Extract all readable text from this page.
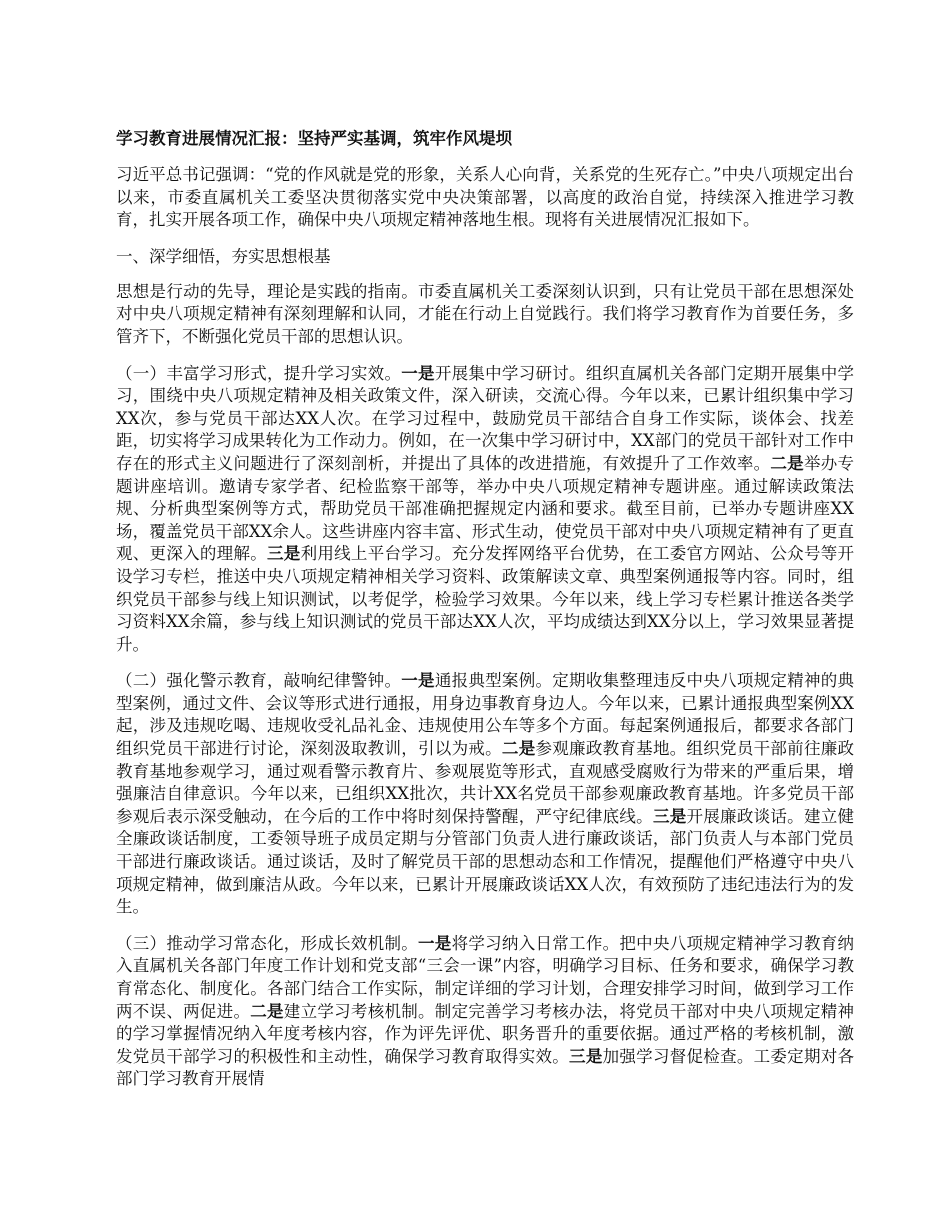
学习教育进展情况汇报：坚持严实基调，筑牢作风堤坝

习近平总书记强调：“党的作风就是党的形象，关系人心向背，关系党的生死存亡。”中央八项规定出台以来，市委直属机关工委坚决贯彻落实党中央决策部署，以高度的政治自觉，持续深入推进学习教育，扎实开展各项工作，确保中央八项规定精神落地生根。现将有关进展情况汇报如下。

一、深学细悟，夯实思想根基

思想是行动的先导，理论是实践的指南。市委直属机关工委深刻认识到，只有让党员干部在思想深处对中央八项规定精神有深刻理解和认同，才能在行动上自觉践行。我们将学习教育作为首要任务，多管齐下，不断强化党员干部的思想认识。

（一）丰富学习形式，提升学习实效。一是开展集中学习研讨。组织直属机关各部门定期开展集中学习，围绕中央八项规定精神及相关政策文件，深入研读，交流心得。今年以来，已累计组织集中学习XX次，参与党员干部达XX人次。在学习过程中，鼓励党员干部结合自身工作实际，谈体会、找差距，切实将学习成果转化为工作动力。例如，在一次集中学习研讨中，XX部门的党员干部针对工作中存在的形式主义问题进行了深刻剖析，并提出了具体的改进措施，有效提升了工作效率。二是举办专题讲座培训。邀请专家学者、纪检监察干部等，举办中央八项规定精神专题讲座。通过解读政策法规、分析典型案例等方式，帮助党员干部准确把握规定内涵和要求。截至目前，已举办专题讲座XX场，覆盖党员干部XX余人。这些讲座内容丰富、形式生动，使党员干部对中央八项规定精神有了更直观、更深入的理解。三是利用线上平台学习。充分发挥网络平台优势，在工委官方网站、公众号等开设学习专栏，推送中央八项规定精神相关学习资料、政策解读文章、典型案例通报等内容。同时，组织党员干部参与线上知识测试，以考促学，检验学习效果。今年以来，线上学习专栏累计推送各类学习资料XX余篇，参与线上知识测试的党员干部达XX人次，平均成绩达到XX分以上，学习效果显著提升。

（二）强化警示教育，敲响纪律警钟。一是通报典型案例。定期收集整理违反中央八项规定精神的典型案例，通过文件、会议等形式进行通报，用身边事教育身边人。今年以来，已累计通报典型案例XX起，涉及违规吃喝、违规收受礼品礼金、违规使用公车等多个方面。每起案例通报后，都要求各部门组织党员干部进行讨论，深刻汲取教训，引以为戒。二是参观廉政教育基地。组织党员干部前往廉政教育基地参观学习，通过观看警示教育片、参观展览等形式，直观感受腐败行为带来的严重后果，增强廉洁自律意识。今年以来，已组织XX批次，共计XX名党员干部参观廉政教育基地。许多党员干部参观后表示深受触动，在今后的工作中将时刻保持警醒，严守纪律底线。三是开展廉政谈话。建立健全廉政谈话制度，工委领导班子成员定期与分管部门负责人进行廉政谈话，部门负责人与本部门党员干部进行廉政谈话。通过谈话，及时了解党员干部的思想动态和工作情况，提醒他们严格遵守中央八项规定精神，做到廉洁从政。今年以来，已累计开展廉政谈话XX人次，有效预防了违纪违法行为的发生。

（三）推动学习常态化，形成长效机制。一是将学习纳入日常工作。把中央八项规定精神学习教育纳入直属机关各部门年度工作计划和党支部“三会一课”内容，明确学习目标、任务和要求，确保学习教育常态化、制度化。各部门结合工作实际，制定详细的学习计划，合理安排学习时间，做到学习工作两不误、两促进。二是建立学习考核机制。制定完善学习考核办法，将党员干部对中央八项规定精神的学习掌握情况纳入年度考核内容，作为评先评优、职务晋升的重要依据。通过严格的考核机制，激发党员干部学习的积极性和主动性，确保学习教育取得实效。三是加强学习督促检查。工委定期对各部门学习教育开展情
